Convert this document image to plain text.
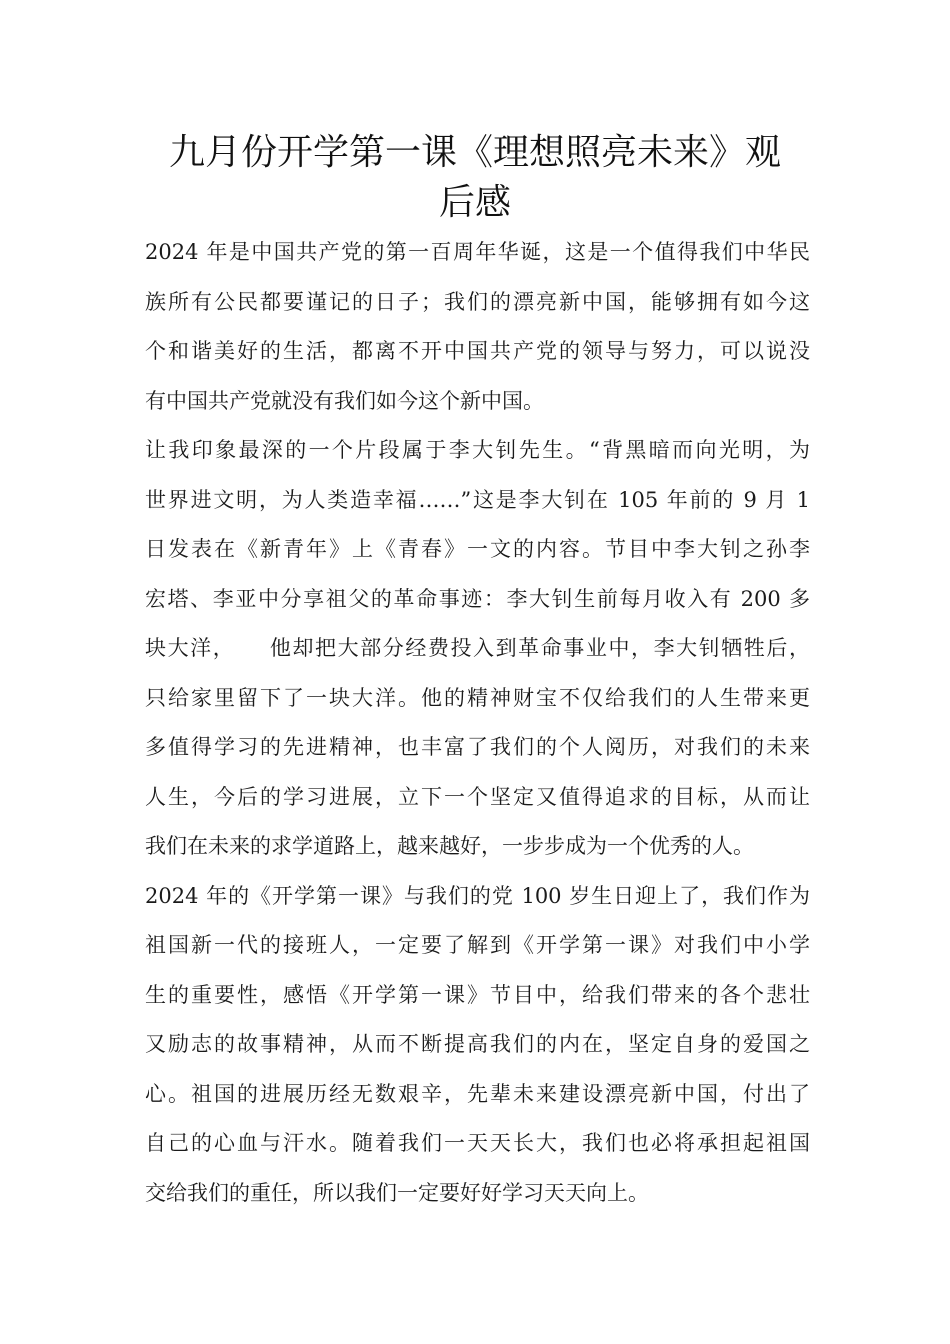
九月份开学第一课《理想照亮未来》观
后感
2024 年是中国共产党的第一百周年华诞，这是一个值得我们中华民
族所有公民都要谨记的日子；我们的漂亮新中国，能够拥有如今这
个和谐美好的生活，都离不开中国共产党的领导与努力，可以说没
有中国共产党就没有我们如今这个新中国。
让我印象最深的一个片段属于李大钊先生。“背黑暗而向光明，为
世界进文明，为人类造幸福……”这是李大钊在 105 年前的 9 月 1
日发表在《新青年》上《青春》一文的内容。节目中李大钊之孙李
宏塔、李亚中分享祖父的革命事迹：李大钊生前每月收入有 200 多
块大洋，　　他却把大部分经费投入到革命事业中，李大钊牺牲后，
只给家里留下了一块大洋。他的精神财宝不仅给我们的人生带来更
多值得学习的先进精神，也丰富了我们的个人阅历，对我们的未来
人生，今后的学习进展，立下一个坚定又值得追求的目标，从而让
我们在未来的求学道路上，越来越好，一步步成为一个优秀的人。
2024 年的《开学第一课》与我们的党 100 岁生日迎上了，我们作为
祖国新一代的接班人，一定要了解到《开学第一课》对我们中小学
生的重要性，感悟《开学第一课》节目中，给我们带来的各个悲壮
又励志的故事精神，从而不断提高我们的内在，坚定自身的爱国之
心。祖国的进展历经无数艰辛，先辈未来建设漂亮新中国，付出了
自己的心血与汗水。随着我们一天天长大，我们也必将承担起祖国
交给我们的重任，所以我们一定要好好学习天天向上。
